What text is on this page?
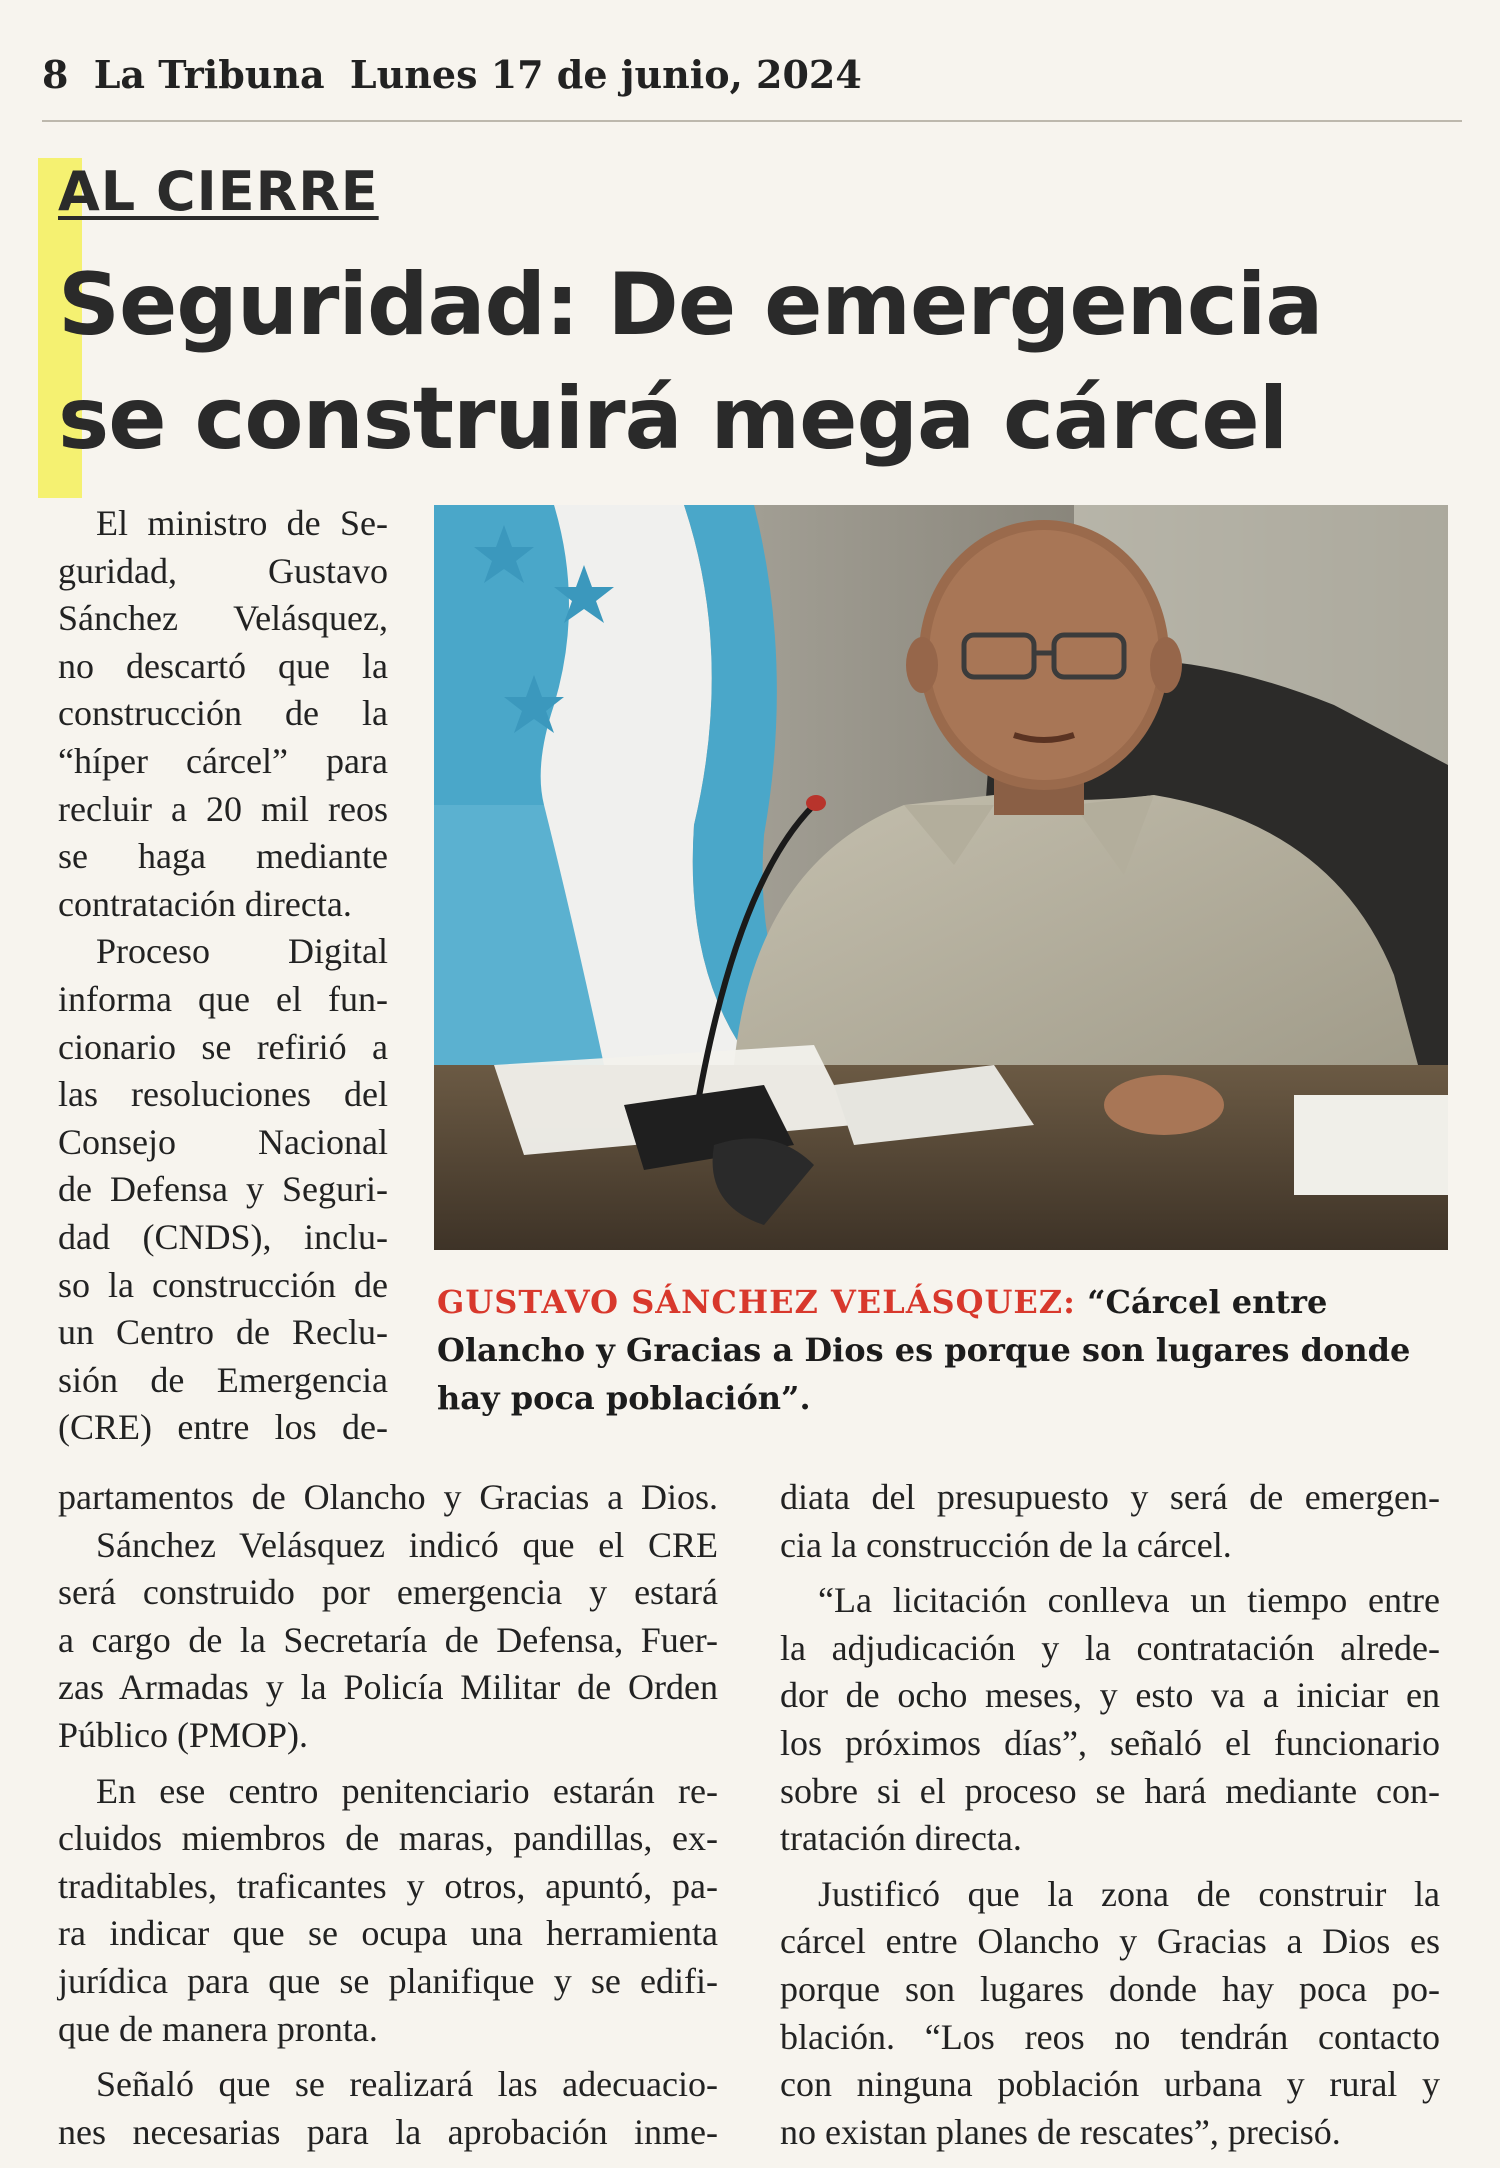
8 La Tribuna Lunes 17 de junio, 2024
AL CIERRE
Seguridad: De emergencia
se construirá mega cárcel
GUSTAVO SÁNCHEZ VELÁSQUEZ: “Cárcel entre Olancho y Gracias a Dios es porque son lugares donde hay poca población”.
El ministro de Se-
guridad, Gustavo
Sánchez Velásquez,
no descartó que la
construcción de la
“híper cárcel” para
recluir a 20 mil reos
se haga mediante
contratación directa.
Proceso Digital
informa que el fun-
cionario se refirió a
las resoluciones del
Consejo Nacional
de Defensa y Seguri-
dad (CNDS), inclu-
so la construcción de
un Centro de Reclu-
sión de Emergencia
(CRE) entre los de-
partamentos de Olancho y Gracias a Dios.
Sánchez Velásquez indicó que el CRE
será construido por emergencia y estará
a cargo de la Secretaría de Defensa, Fuer-
zas Armadas y la Policía Militar de Orden
Público (PMOP).
En ese centro penitenciario estarán re-
cluidos miembros de maras, pandillas, ex-
traditables, traficantes y otros, apuntó, pa-
ra indicar que se ocupa una herramienta
jurídica para que se planifique y se edifi-
que de manera pronta.
Señaló que se realizará las adecuacio-
nes necesarias para la aprobación inme-
diata del presupuesto y será de emergen-
cia la construcción de la cárcel.
“La licitación conlleva un tiempo entre
la adjudicación y la contratación alrede-
dor de ocho meses, y esto va a iniciar en
los próximos días”, señaló el funcionario
sobre si el proceso se hará mediante con-
tratación directa.
Justificó que la zona de construir la
cárcel entre Olancho y Gracias a Dios es
porque son lugares donde hay poca po-
blación. “Los reos no tendrán contacto
con ninguna población urbana y rural y
no existan planes de rescates”, precisó.
